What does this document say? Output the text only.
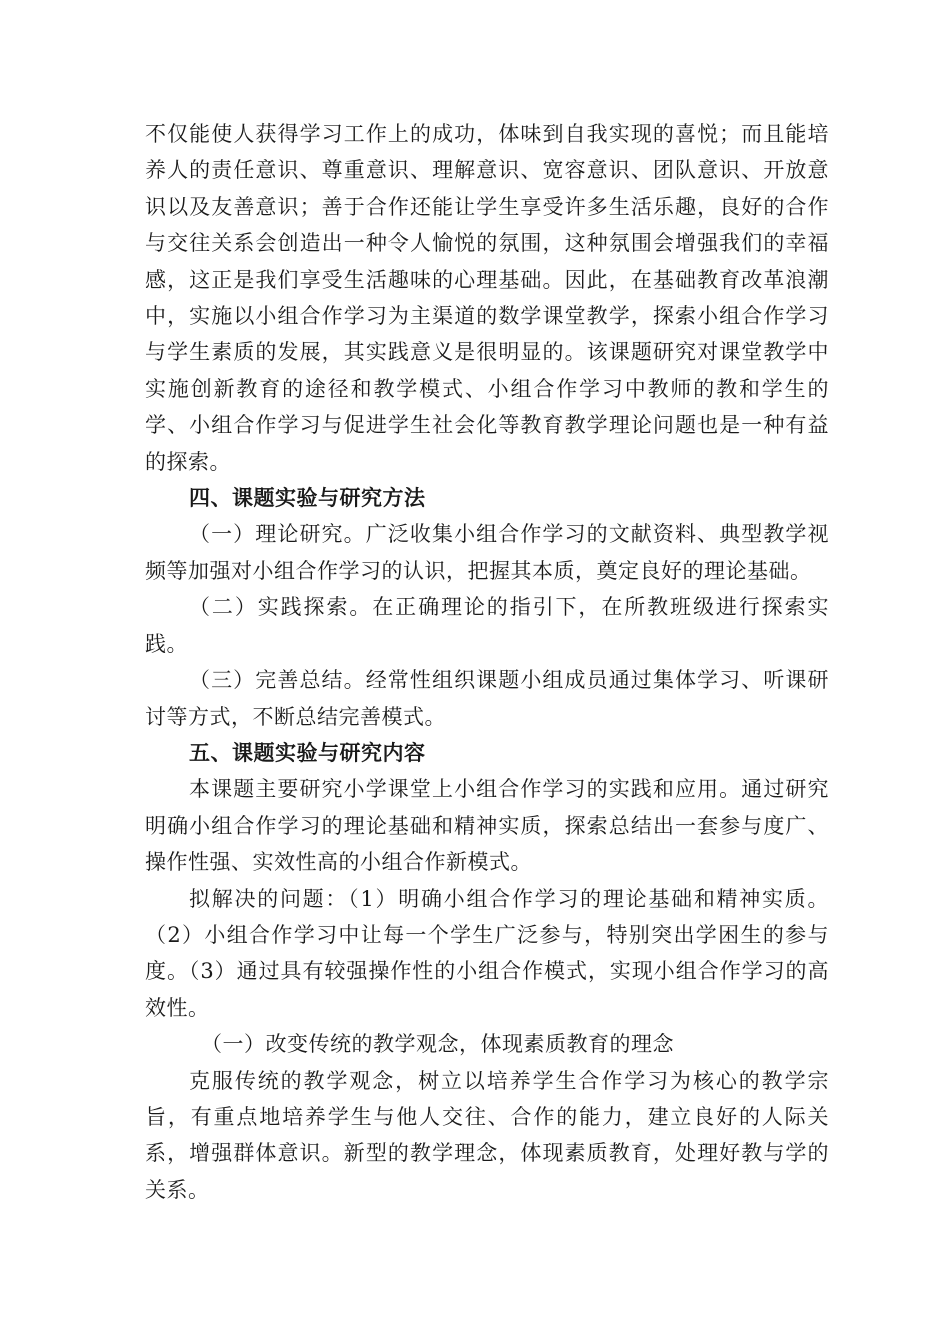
不仅能使人获得学习工作上的成功，体味到自我实现的喜悦；而且能培养人的责任意识、尊重意识、理解意识、宽容意识、团队意识、开放意识以及友善意识；善于合作还能让学生享受许多生活乐趣，良好的合作与交往关系会创造出一种令人愉悦的氛围，这种氛围会增强我们的幸福感，这正是我们享受生活趣味的心理基础。因此，在基础教育改革浪潮中，实施以小组合作学习为主渠道的数学课堂教学，探索小组合作学习与学生素质的发展，其实践意义是很明显的。该课题研究对课堂教学中实施创新教育的途径和教学模式、小组合作学习中教师的教和学生的学、小组合作学习与促进学生社会化等教育教学理论问题也是一种有益的探索。

四、课题实验与研究方法

（一）理论研究。广泛收集小组合作学习的文献资料、典型教学视频等加强对小组合作学习的认识，把握其本质，奠定良好的理论基础。

（二）实践探索。在正确理论的指引下，在所教班级进行探索实践。

（三）完善总结。经常性组织课题小组成员通过集体学习、听课研讨等方式，不断总结完善模式。

五、课题实验与研究内容

本课题主要研究小学课堂上小组合作学习的实践和应用。通过研究明确小组合作学习的理论基础和精神实质，探索总结出一套参与度广、操作性强、实效性高的小组合作新模式。

拟解决的问题：（1）明确小组合作学习的理论基础和精神实质。（2）小组合作学习中让每一个学生广泛参与，特别突出学困生的参与度。（3）通过具有较强操作性的小组合作模式，实现小组合作学习的高效性。

（一）改变传统的教学观念，体现素质教育的理念

克服传统的教学观念，树立以培养学生合作学习为核心的教学宗旨，有重点地培养学生与他人交往、合作的能力，建立良好的人际关系，增强群体意识。新型的教学理念，体现素质教育，处理好教与学的关系。
